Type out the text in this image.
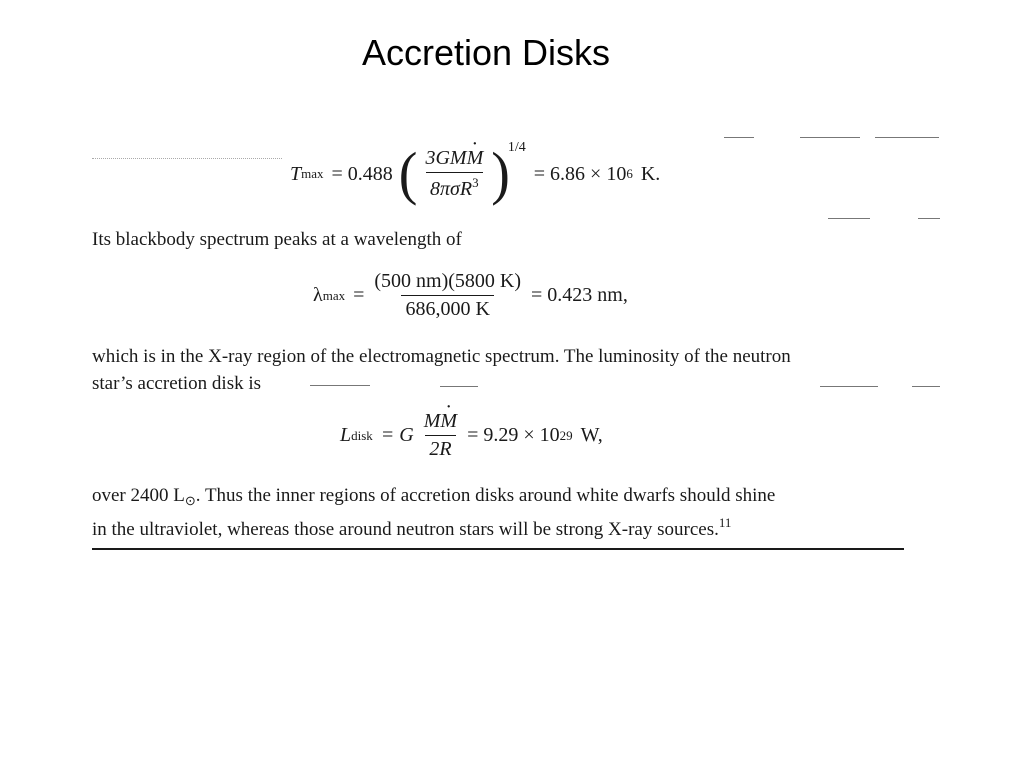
Accretion Disks
T max = 0.488 ( $\frac{\text{3GMM ·}}{8\pi\sigma R^3}$ )
1/4
= 6.86 × 10 6 K.
Its blackbody spectrum peaks at a wavelength of
λ $\max = \frac{(500 nm)(5800 K)}{686,000 K} = 0.423$ nm,
which is in the X-ray region of the electromagnetic spectrum. The luminosity of the neutron
star’s accretion disk is
L disk = G $\frac{MM \cdot}{2R} = 9.29 \times 10$ 29 W,
over 2400 $L_⊙$. Thus the inner regions of accretion disks around white dwarfs should shine
in the ultraviolet, whereas those around neutron stars will be strong X-ray sources.$^{11}$
